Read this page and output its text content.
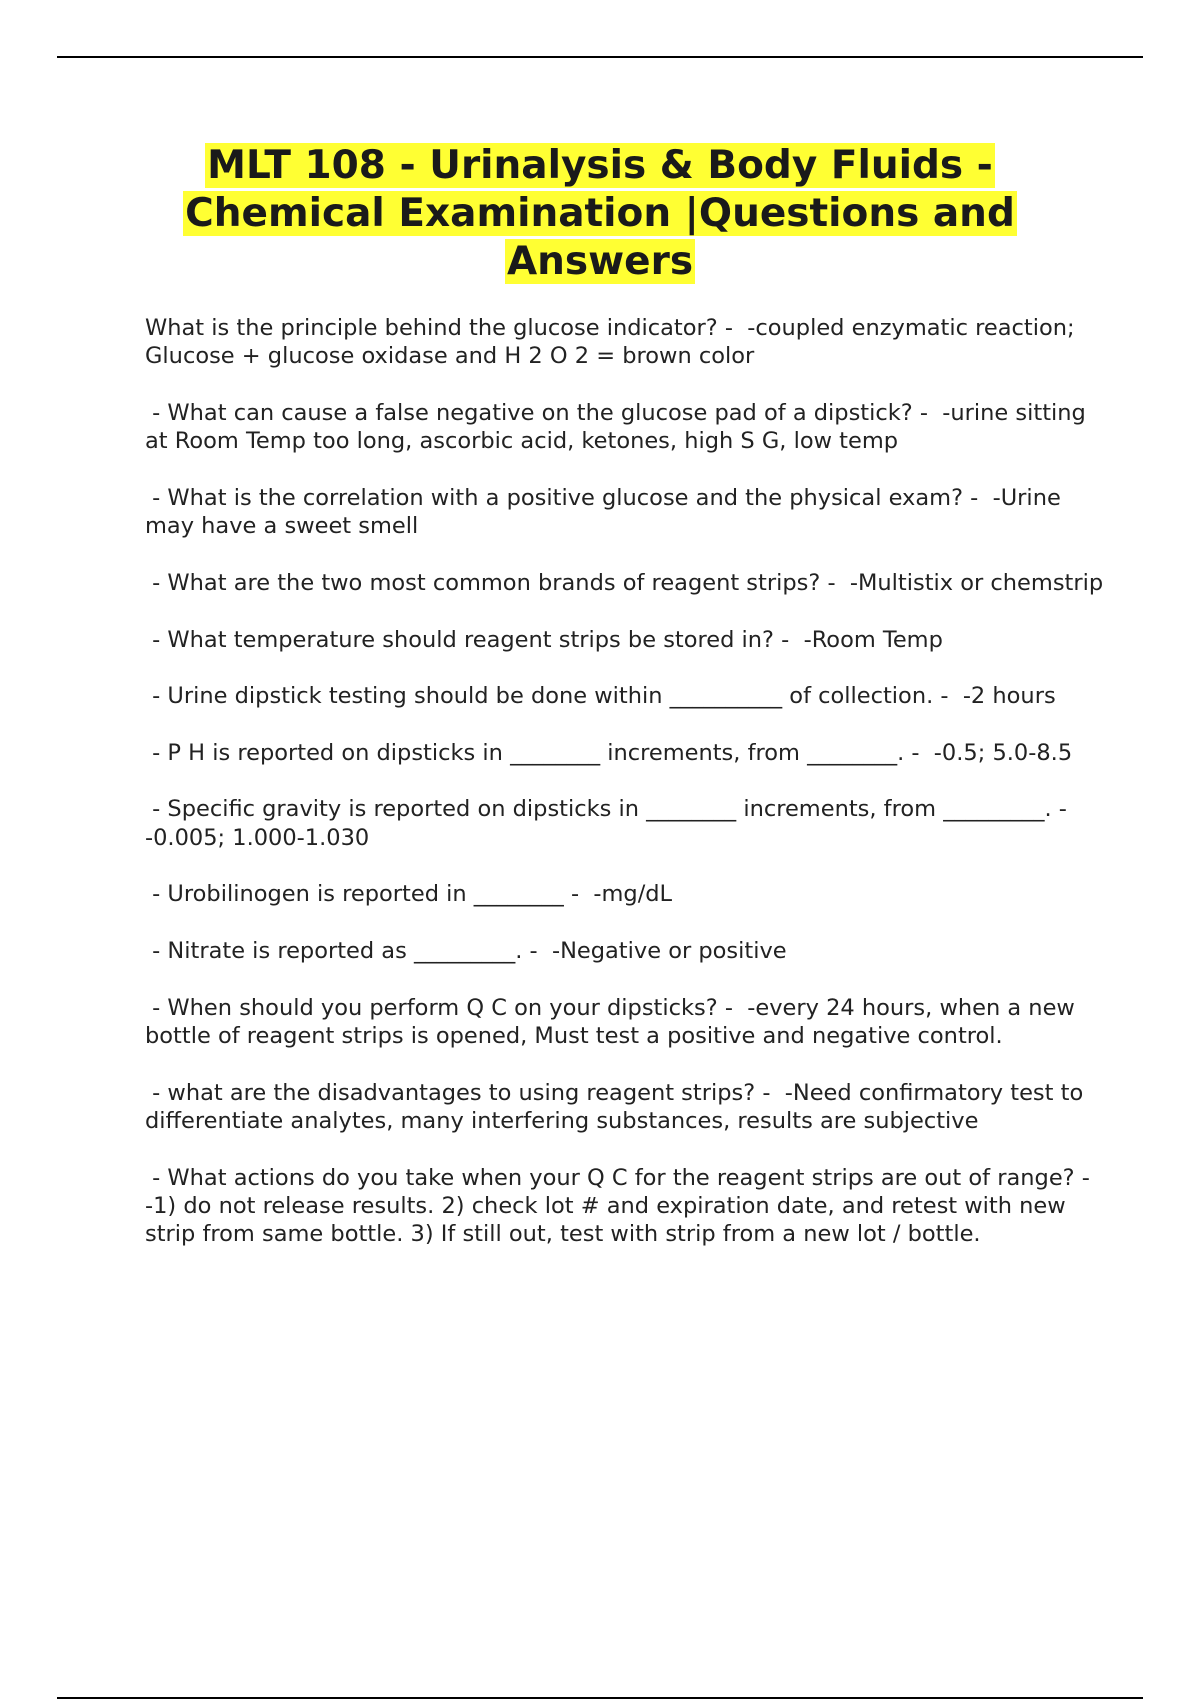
MLT 108 - Urinalysis & Body Fluids -
Chemical Examination |Questions and
Answers

What is the principle behind the glucose indicator? -  -coupled enzymatic reaction; Glucose + glucose oxidase and H 2 O 2 = brown color

- What can cause a false negative on the glucose pad of a dipstick? -  -urine sitting at Room Temp too long, ascorbic acid, ketones, high S G, low temp

- What is the correlation with a positive glucose and the physical exam? -  -Urine may have a sweet smell

- What are the two most common brands of reagent strips? -  -Multistix or chemstrip

- What temperature should reagent strips be stored in? -  -Room Temp

- Urine dipstick testing should be done within __________ of collection. -  -2 hours

- P H is reported on dipsticks in ________ increments, from ________. -  -0.5; 5.0-8.5

- Specific gravity is reported on dipsticks in ________ increments, from _________. -  -0.005; 1.000-1.030

- Urobilinogen is reported in ________ -  -mg/dL

- Nitrate is reported as _________. -  -Negative or positive

- When should you perform Q C on your dipsticks? -  -every 24 hours, when a new bottle of reagent strips is opened, Must test a positive and negative control.

- what are the disadvantages to using reagent strips? -  -Need confirmatory test to differentiate analytes, many interfering substances, results are subjective

- What actions do you take when your Q C for the reagent strips are out of range? -  -1) do not release results. 2) check lot # and expiration date, and retest with new strip from same bottle. 3) If still out, test with strip from a new lot / bottle.
